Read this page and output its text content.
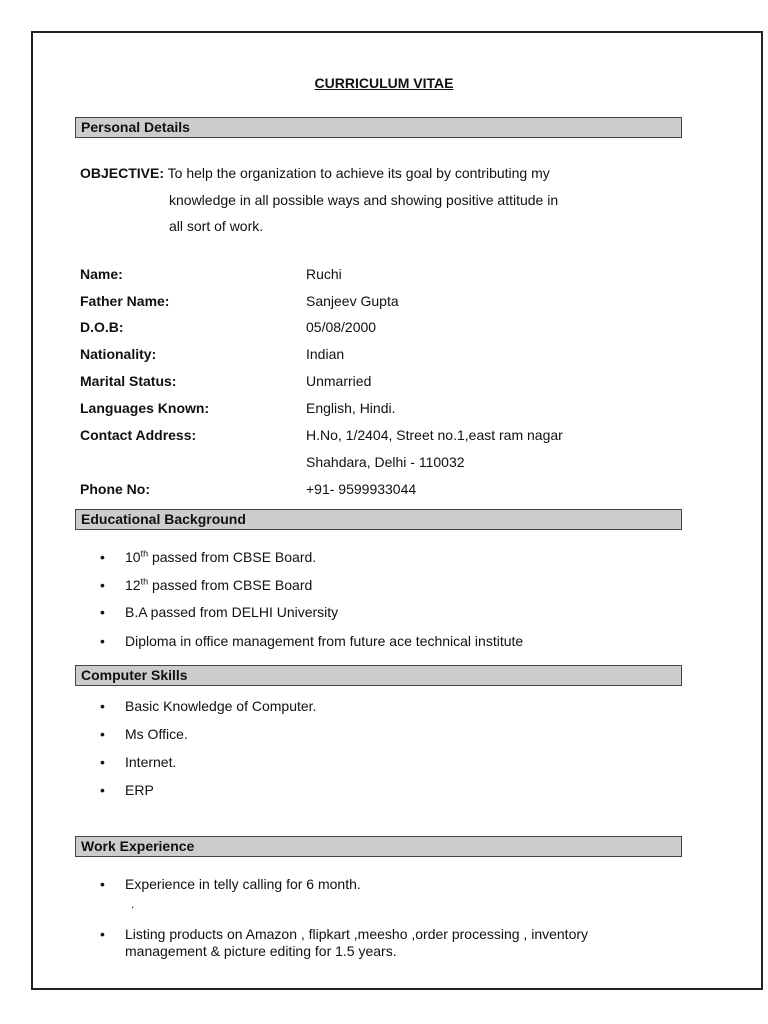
CURRICULUM VITAE
Personal Details
OBJECTIVE: To help the organization to achieve its goal by contributing my
knowledge in all possible ways and showing positive attitude in
all sort of work.
Name:	Ruchi
Father Name:	Sanjeev Gupta
D.O.B:	05/08/2000
Nationality:	Indian
Marital Status:	Unmarried
Languages Known:	English, Hindi.
Contact Address:	H.No, 1/2404, Street no.1,east ram nagar
Shahdara, Delhi - 110032
Phone No:	+91- 9599933044
Educational Background
• 10th passed from CBSE Board.
• 12th passed from CBSE Board
• B.A passed from DELHI University
• Diploma in office management from future ace technical institute
Computer Skills
• Basic Knowledge of Computer.
• Ms Office.
• Internet.
• ERP
Work Experience
• Experience in telly calling for 6 month.
.
• Listing products on Amazon , flipkart ,meesho ,order processing , inventory management & picture editing for 1.5 years.
